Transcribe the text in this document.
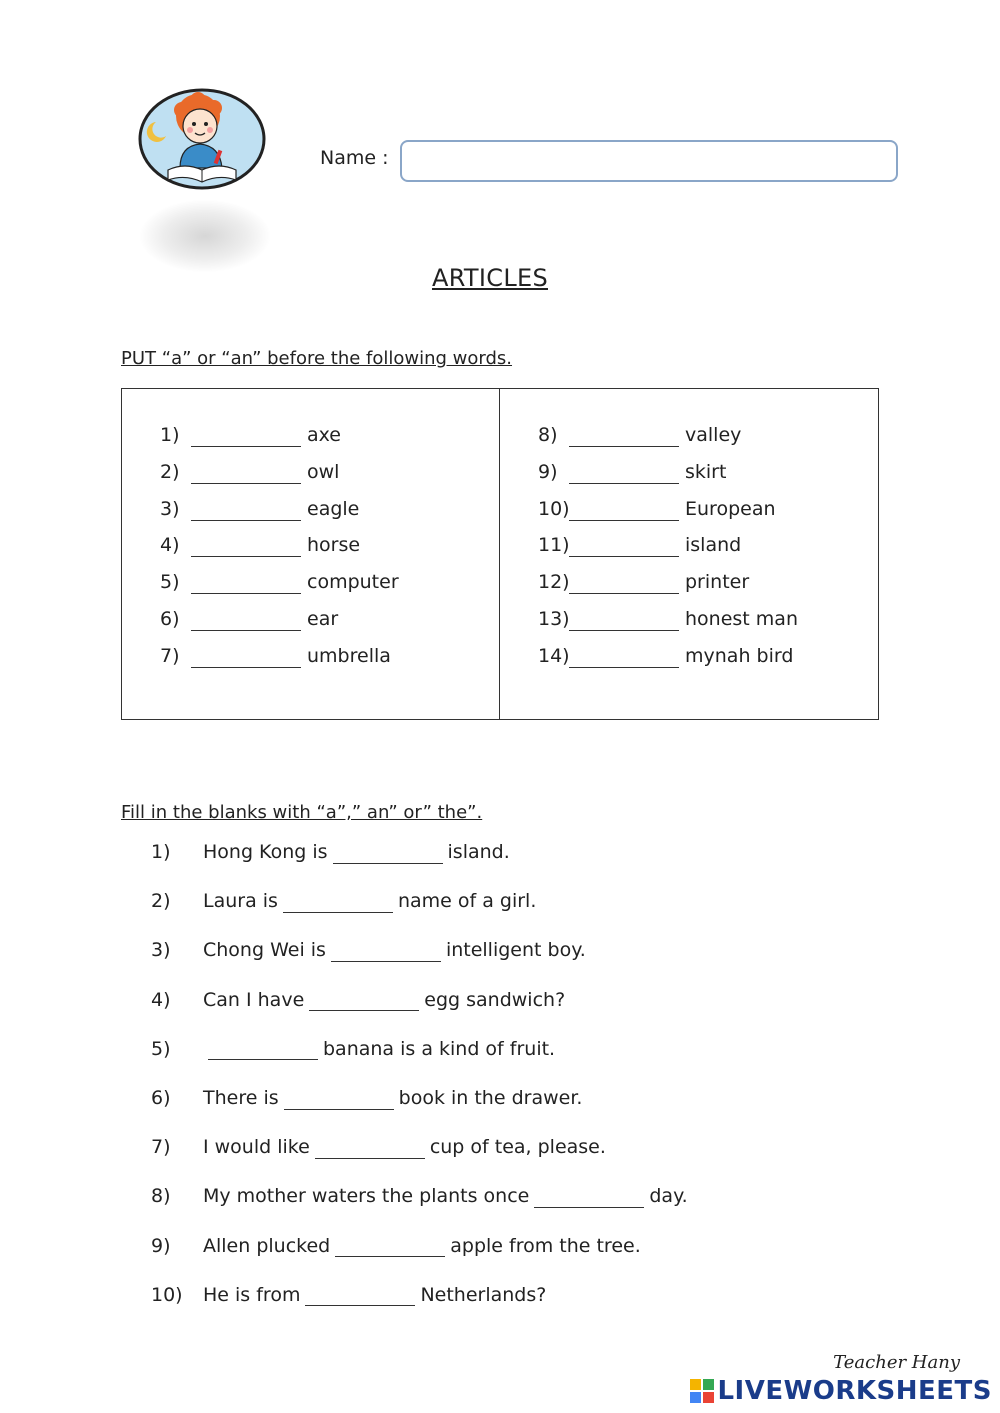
Name :
ARTICLES
PUT “a” or “an” before the following words.
1)	axe
2)	owl
3)	eagle
4)	horse
5)	computer
6)	ear
7)	umbrella
8)	valley
9)	skirt
10)	European
11)	island
12)	printer
13)	honest man
14)	mynah bird
Fill in the blanks with “a”,” an” or” the”.
1) Hong Kong is	island.
2) Laura is	name of a girl.
3) Chong Wei is	intelligent boy.
4) Can I have	egg sandwich?
5)	banana is a kind of fruit.
6) There is	book in the drawer.
7) I would like	cup of tea, please.
8) My mother waters the plants once	day.
9) Allen plucked	apple from the tree.
10) He is from	Netherlands?
Teacher Hany
LIVEWORKSHEETS
